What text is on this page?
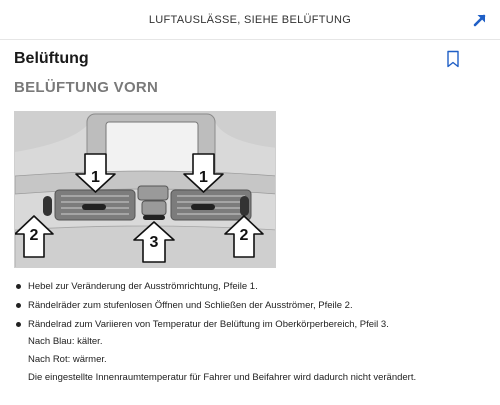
LUFTAUSLÄSSE, SIEHE BELÜFTUNG
Belüftung
BELÜFTUNG VORN
1	1
2	3	2
Hebel zur Veränderung der Ausströmrichtung, Pfeile 1.
Rändelräder zum stufenlosen Öffnen und Schließen der Ausströmer, Pfeile 2.
Rändelrad zum Variieren von Temperatur der Belüftung im Oberkörperbereich, Pfeil 3.

Nach Blau: kälter.

Nach Rot: wärmer.

Die eingestellte Innenraumtemperatur für Fahrer und Beifahrer wird dadurch nicht verändert.
